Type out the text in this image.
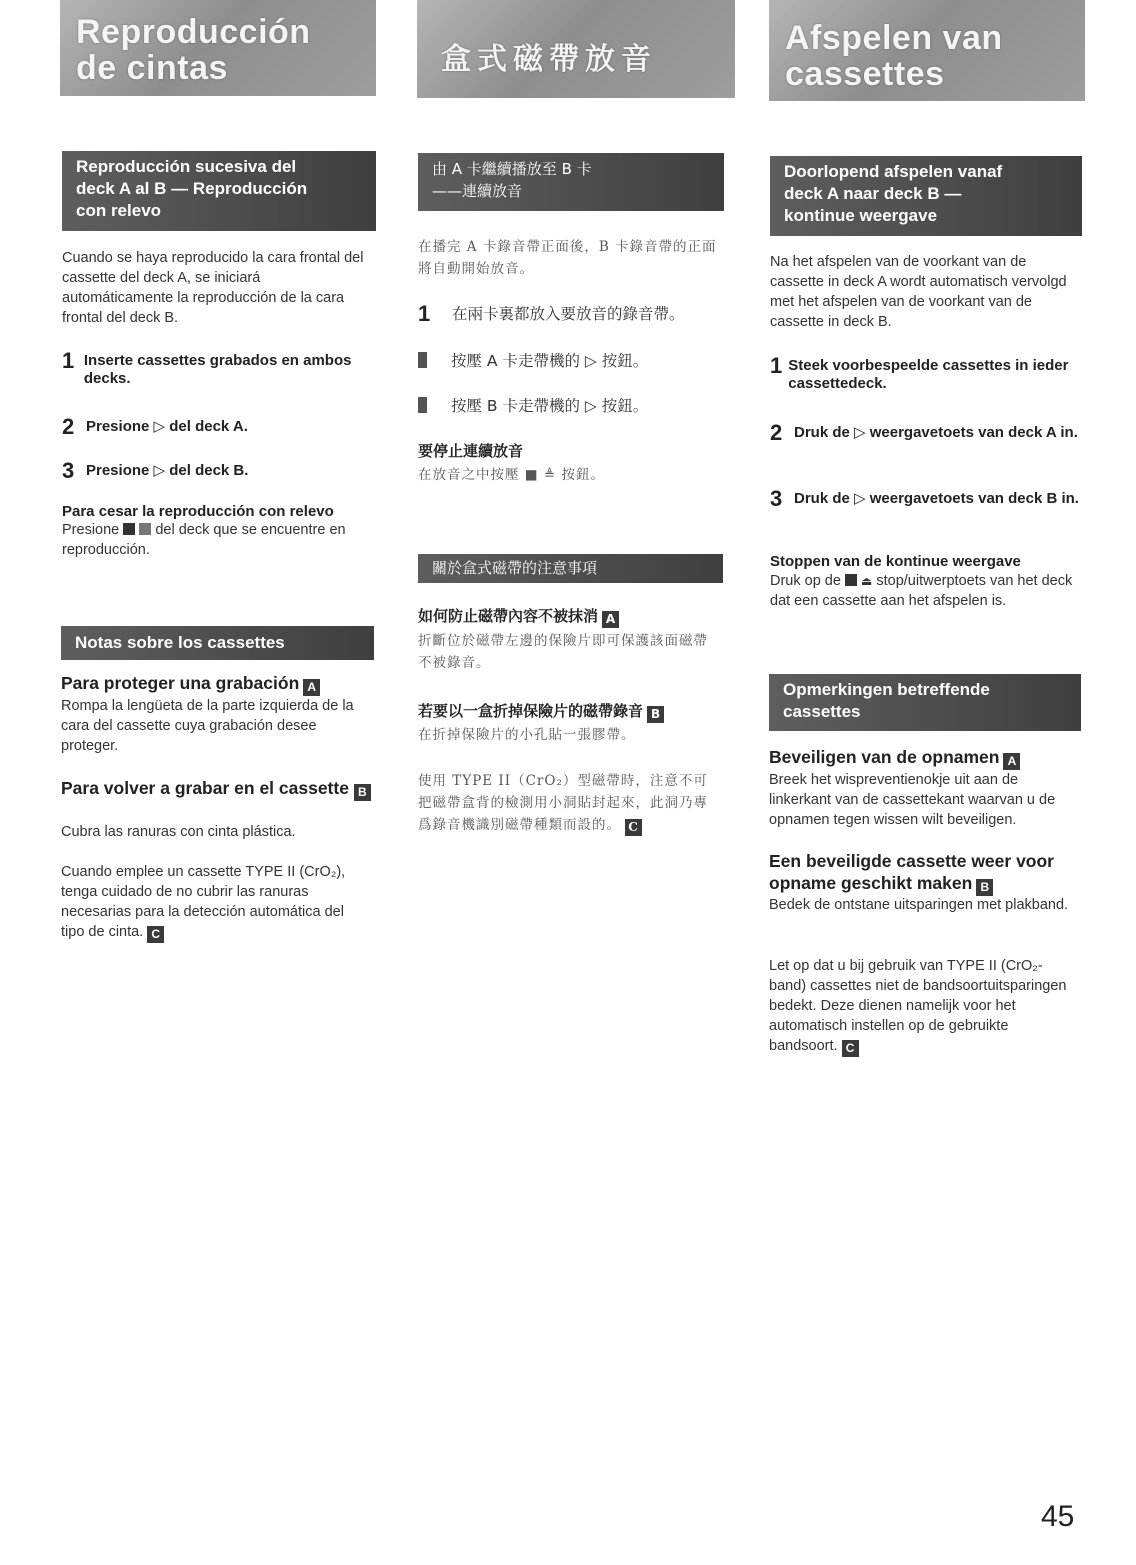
Reproducción
de cintas
Reproducción sucesiva del
deck A al B — Reproducción
con relevo

Cuando se haya reproducido la cara frontal del cassette del deck A, se iniciará automáticamente la reproducción de la cara frontal del deck B.

1 Inserte cassettes grabados en ambos decks.
2 Presione ▷ del deck A.
3 Presione ▷ del deck B.
Para cesar la reproducción con relevo

Presione del deck que se encuentre en reproducción.

Notas sobre los cassettes
Para proteger una grabación A

Rompa la lengüeta de la parte izquierda de la cara del cassette cuya grabación desee proteger.

Para volver a grabar en el cassette B

Cubra las ranuras con cinta plástica.

Cuando emplee un cassette TYPE II (CrO₂), tenga cuidado de no cubrir las ranuras necesarias para la detección automática del tipo de cinta. C

盒式磁帶放音
由 A 卡繼續播放至 B 卡
——連續放音

在播完 A 卡錄音帶正面後，B 卡錄音帶的正面將自動開始放音。

1	在兩卡裏都放入要放音的錄音帶。
按壓 A 卡走帶機的 ▷ 按鈕。
按壓 B 卡走帶機的 ▷ 按鈕。
要停止連續放音

在放音之中按壓 ■ ≜ 按鈕。

關於盒式磁帶的注意事項
如何防止磁帶內容不被抹消 A

折斷位於磁帶左邊的保險片即可保護該面磁帶不被錄音。

若要以一盒折掉保險片的磁帶錄音 B

在折掉保險片的小孔貼一張膠帶。

使用 TYPE II（CrO₂）型磁帶時，注意不可把磁帶盒背的檢測用小洞貼封起來，此洞乃專爲錄音機識別磁帶種類而設的。 C

Afspelen van
cassettes
Doorlopend afspelen vanaf
deck A naar deck B —
kontinue weergave

Na het afspelen van de voorkant van de cassette in deck A wordt automatisch vervolgd met het afspelen van de voorkant van de cassette in deck B.

1 Steek voorbespeelde cassettes in ieder cassettedeck.
2 Druk de ▷ weergavetoets van deck A in.
3 Druk de ▷ weergavetoets van deck B in.
Stoppen van de kontinue weergave

Druk op de ⏏ stop/uitwerptoets van het deck dat een cassette aan het afspelen is.

Opmerkingen betreffende
cassettes
Beveiligen van de opnamen A

Breek het wispreventienokje uit aan de linkerkant van de cassettekant waarvan u de opnamen tegen wissen wilt beveiligen.

Een beveiligde cassette weer voor opname geschikt maken B

Bedek de ontstane uitsparingen met plakband.

Let op dat u bij gebruik van TYPE II (CrO₂-band) cassettes niet de bandsoortuitsparingen bedekt. Deze dienen namelijk voor het automatisch instellen op de gebruikte bandsoort. C

45
